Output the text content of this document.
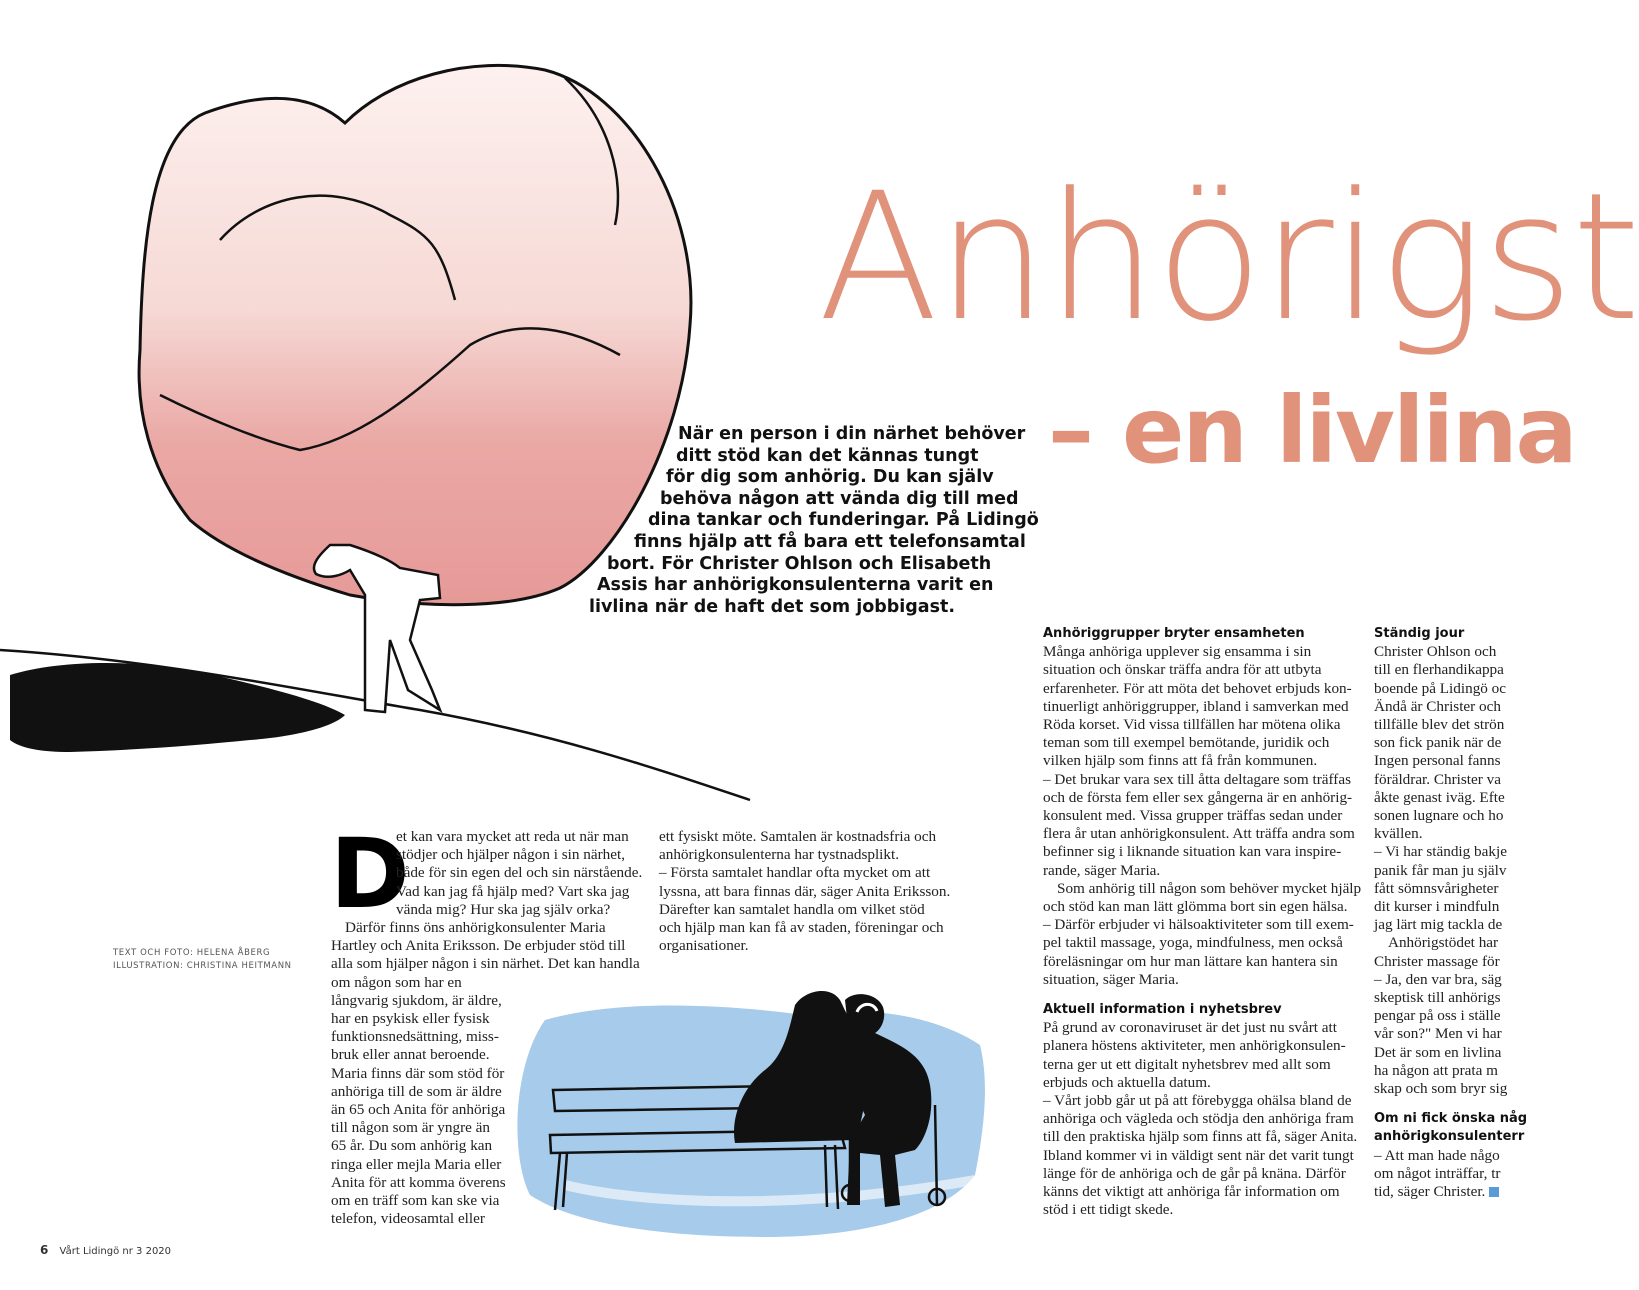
Anhörigst
– en livlina
När en person i din närhet behöver
ditt stöd kan det kännas tungt
för dig som anhörig. Du kan själv
behöva någon att vända dig till med
dina tankar och funderingar. På Lidingö
finns hjälp att få bara ett telefonsamtal
bort. För Christer Ohlson och Elisabeth
Assis har anhörigkonsulenterna varit en
livlina när de haft det som jobbigast.
TEXT OCH FOTO: HELENA ÅBERG
ILLUSTRATION: CHRISTINA HEITMANN
D

et kan vara mycket att reda ut när man

stödjer och hjälper någon i sin närhet,

både för sin egen del och sin närstående.

Vad kan jag få hjälp med? Vart ska jag

vända mig? Hur ska jag själv orka?

Därför finns öns anhörigkonsulenter Maria

Hartley och Anita Eriksson. De erbjuder stöd till

alla som hjälper någon i sin närhet. Det kan handla

om någon som har en

långvarig sjukdom, är äldre,

har en psykisk eller fysisk

funktionsnedsättning, miss-

bruk eller annat beroende.

Maria finns där som stöd för

anhöriga till de som är äldre

än 65 och Anita för anhöriga

till någon som är yngre än

65 år. Du som anhörig kan

ringa eller mejla Maria eller

Anita för att komma överens

om en träff som kan ske via

telefon, videosamtal eller

ett fysiskt möte. Samtalen är kostnadsfria och

anhörigkonsulenterna har tystnadsplikt.

– Första samtalet handlar ofta mycket om att

lyssna, att bara finnas där, säger Anita Eriksson.

Därefter kan samtalet handla om vilket stöd

och hjälp man kan få av staden, föreningar och

organisationer.

Anhöriggrupper bryter ensamheten

Många anhöriga upplever sig ensamma i sin

situation och önskar träffa andra för att utbyta

erfarenheter. För att möta det behovet erbjuds kon-

tinuerligt anhöriggrupper, ibland i samverkan med

Röda korset. Vid vissa tillfällen har mötena olika

teman som till exempel bemötande, juridik och

vilken hjälp som finns att få från kommunen.

– Det brukar vara sex till åtta deltagare som träffas

och de första fem eller sex gångerna är en anhörig-

konsulent med. Vissa grupper träffas sedan under

flera år utan anhörigkonsulent. Att träffa andra som

befinner sig i liknande situation kan vara inspire-

rande, säger Maria.

Som anhörig till någon som behöver mycket hjälp

och stöd kan man lätt glömma bort sin egen hälsa.

– Därför erbjuder vi hälsoaktiviteter som till exem-

pel taktil massage, yoga, mindfulness, men också

föreläsningar om hur man lättare kan hantera sin

situation, säger Maria.

Aktuell information i nyhetsbrev

På grund av coronaviruset är det just nu svårt att

planera höstens aktiviteter, men anhörigkonsulen-

terna ger ut ett digitalt nyhetsbrev med allt som

erbjuds och aktuella datum.

– Vårt jobb går ut på att förebygga ohälsa bland de

anhöriga och vägleda och stödja den anhöriga fram

till den praktiska hjälp som finns att få, säger Anita.

Ibland kommer vi in väldigt sent när det varit tungt

länge för de anhöriga och de går på knäna. Därför

känns det viktigt att anhöriga får information om

stöd i ett tidigt skede.

Ständig jour

Christer Ohlson och

till en flerhandikappa

boende på Lidingö oc

Ändå är Christer och

tillfälle blev det strön

son fick panik när de

Ingen personal fanns

föräldrar. Christer va

åkte genast iväg. Efte

sonen lugnare och ho

kvällen.

– Vi har ständig bakje

panik får man ju själv

fått sömnsvårigheter

dit kurser i mindfuln

jag lärt mig tackla de

Anhörigstödet har

Christer massage för

– Ja, den var bra, säg

skeptisk till anhörigs

pengar på oss i ställe

vår son?" Men vi har

Det är som en livlina

ha någon att prata m

skap och som bryr sig

Om ni fick önska någ
anhörigkonsulenterr

– Att man hade någo

om något inträffar, tr

tid, säger Christer.

6 Vårt Lidingö nr 3 2020
